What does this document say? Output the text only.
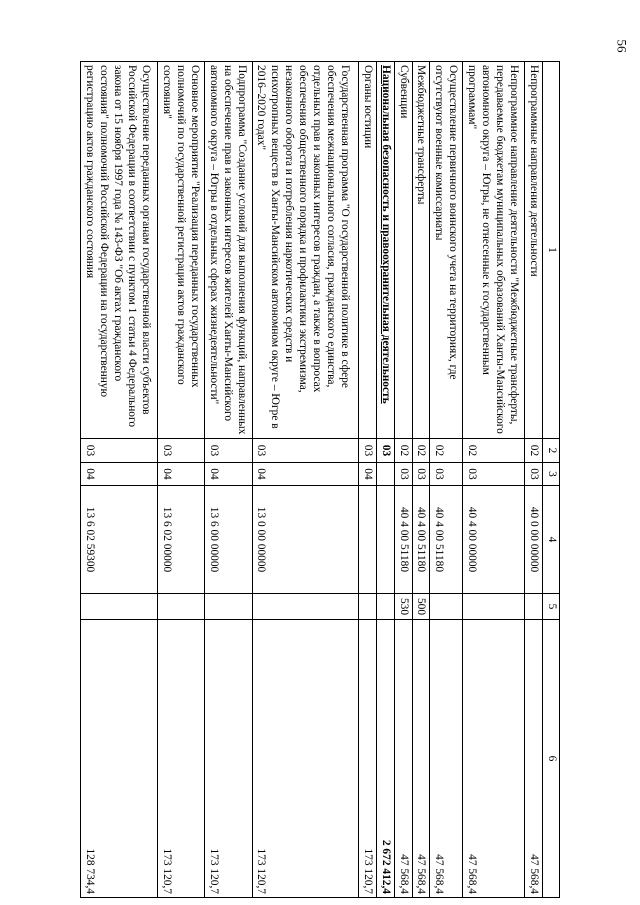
56
1	2	3	4	5	6
Непрограммные направления деятельности	02	03	40 0 00 00000		47 568,4
Непрограммное направление деятельности "Межбюджетные трансферты, передаваемые бюджетам муниципальных образований Ханты-Мансийского автономного округа – Югры, не отнесенные к государственным программам"	02	03	40 4 00 00000		47 568,4
Осуществление первичного воинского учета на территориях, где отсутствуют военные комиссариаты	02	03	40 4 00 51180		47 568,4
Межбюджетные трансферты	02	03	40 4 00 51180	500	47 568,4
Субвенции	02	03	40 4 00 51180	530	47 568,4
Национальная безопасность и правоохранительная деятельность	03				2 672 412,4
Органы юстиции	03	04			173 120,7
Государственная программа "О государственной политике в сфере обеспечения межнационального согласия, гражданского единства, отдельных прав и законных интересов граждан, а также в вопросах обеспечения общественного порядка и профилактики экстремизма, незаконного оборота и потребления наркотических средств и психотропных веществ в Ханты-Мансийском автономном округе – Югре в 2016–2020 годах"	03	04	13 0 00 00000		173 120,7
Подпрограмма "Создание условий для выполнения функций, направленных на обеспечение прав и законных интересов жителей Ханты-Мансийского автономного округа – Югры в отдельных сферах жизнедеятельности"	03	04	13 6 00 00000		173 120,7
Основное мероприятие "Реализация переданных государственных полномочий по государственной регистрации актов гражданского состояния"	03	04	13 6 02 00000		173 120,7
Осуществление переданных органам государственной власти субъектов Российской Федерации в соответствии с пунктом 1 статьи 4 Федерального закона от 15 ноября 1997 года № 143-ФЗ "Об актах гражданского состояния" полномочий Российской Федерации на государственную регистрацию актов гражданского состояния	03	04	13 6 02 59300		128 734,4
